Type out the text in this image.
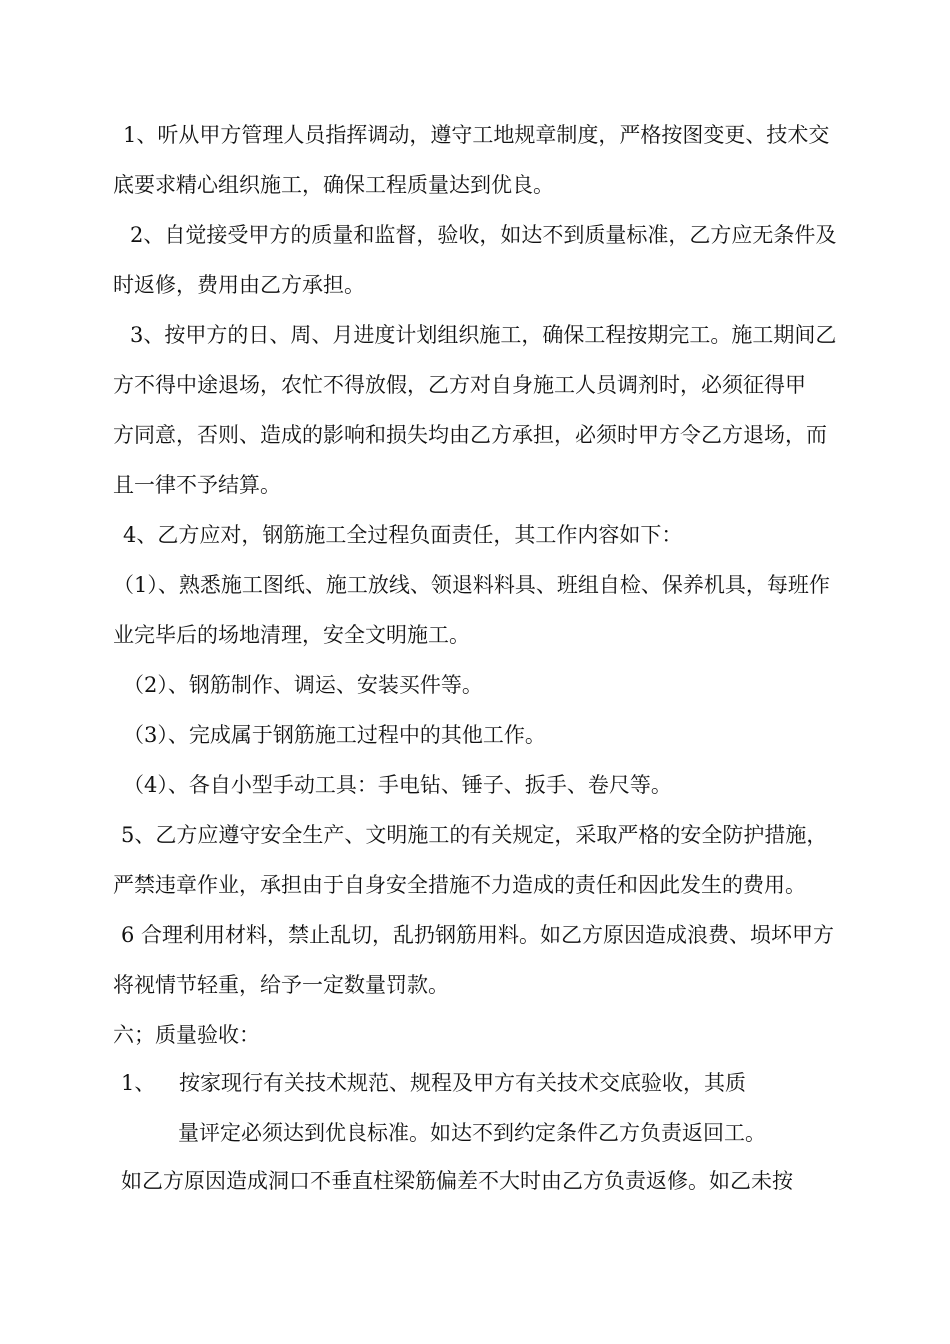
1、听从甲方管理人员指挥调动，遵守工地规章制度，严格按图变更、技术交
底要求精心组织施工，确保工程质量达到优良。
2、自觉接受甲方的质量和监督，验收，如达不到质量标准，乙方应无条件及
时返修，费用由乙方承担。
3、按甲方的日、周、月进度计划组织施工，确保工程按期完工。施工期间乙
方不得中途退场，农忙不得放假，乙方对自身施工人员调剂时，必须征得甲
方同意，否则、造成的影响和损失均由乙方承担，必须时甲方令乙方退场，而
且一律不予结算。
4、乙方应对，钢筋施工全过程负面责任，其工作内容如下：
（1）、熟悉施工图纸、施工放线、领退料料具、班组自检、保养机具，每班作
业完毕后的场地清理，安全文明施工。
（2）、钢筋制作、调运、安装买件等。
（3）、完成属于钢筋施工过程中的其他工作。
（4）、各自小型手动工具：手电钻、锤子、扳手、卷尺等。
5、乙方应遵守安全生产、文明施工的有关规定，采取严格的安全防护措施，
严禁违章作业，承担由于自身安全措施不力造成的责任和因此发生的费用。
6 合理利用材料，禁止乱切，乱扔钢筋用料。如乙方原因造成浪费、埙坏甲方
将视情节轻重，给予一定数量罚款。
六；质量验收：
1、 按家现行有关技术规范、规程及甲方有关技术交底验收，其质
量评定必须达到优良标准。如达不到约定条件乙方负责返回工。
如乙方原因造成洞口不垂直柱梁筋偏差不大时由乙方负责返修。如乙未按
